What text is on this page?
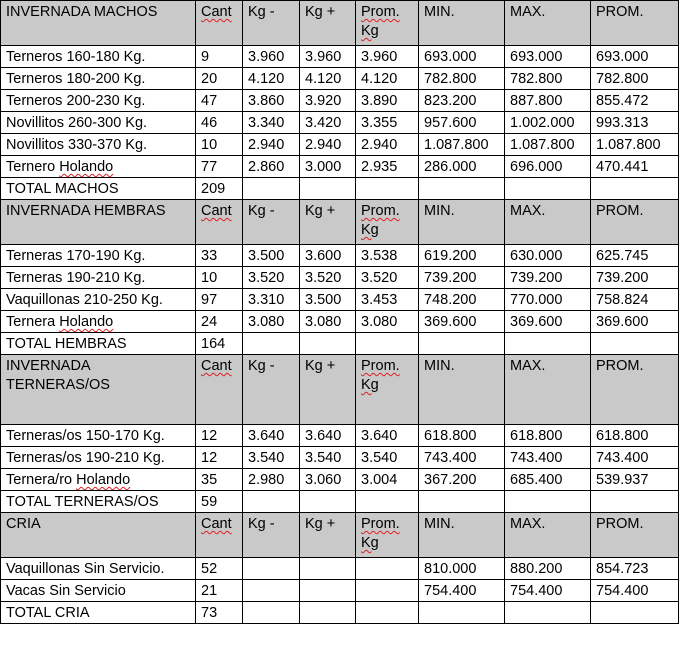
INVERNADA MACHOS	Cant	Kg -	Kg +	Prom. Kg	MIN.	MAX.	PROM.
Terneros 160-180 Kg.	9	3.960	3.960	3.960	693.000	693.000	693.000
Terneros 180-200 Kg.	20	4.120	4.120	4.120	782.800	782.800	782.800
Terneros 200-230 Kg.	47	3.860	3.920	3.890	823.200	887.800	855.472
Novillitos 260-300 Kg.	46	3.340	3.420	3.355	957.600	1.002.000	993.313
Novillitos 330-370 Kg.	10	2.940	2.940	2.940	1.087.800	1.087.800	1.087.800
Ternero Holando	77	2.860	3.000	2.935	286.000	696.000	470.441
TOTAL MACHOS	209						
INVERNADA HEMBRAS	Cant	Kg -	Kg +	Prom. Kg	MIN.	MAX.	PROM.
Terneras 170-190 Kg.	33	3.500	3.600	3.538	619.200	630.000	625.745
Terneras 190-210 Kg.	10	3.520	3.520	3.520	739.200	739.200	739.200
Vaquillonas 210-250 Kg.	97	3.310	3.500	3.453	748.200	770.000	758.824
Ternera Holando	24	3.080	3.080	3.080	369.600	369.600	369.600
TOTAL HEMBRAS	164						
INVERNADA TERNERAS/OS	Cant	Kg -	Kg +	Prom. Kg	MIN.	MAX.	PROM.
Terneras/os 150-170 Kg.	12	3.640	3.640	3.640	618.800	618.800	618.800
Terneras/os 190-210 Kg.	12	3.540	3.540	3.540	743.400	743.400	743.400
Ternera/ro Holando	35	2.980	3.060	3.004	367.200	685.400	539.937
TOTAL TERNERAS/OS	59						
CRIA	Cant	Kg -	Kg +	Prom. Kg	MIN.	MAX.	PROM.
Vaquillonas Sin Servicio.	52				810.000	880.200	854.723
Vacas Sin Servicio	21				754.400	754.400	754.400
TOTAL CRIA	73						
